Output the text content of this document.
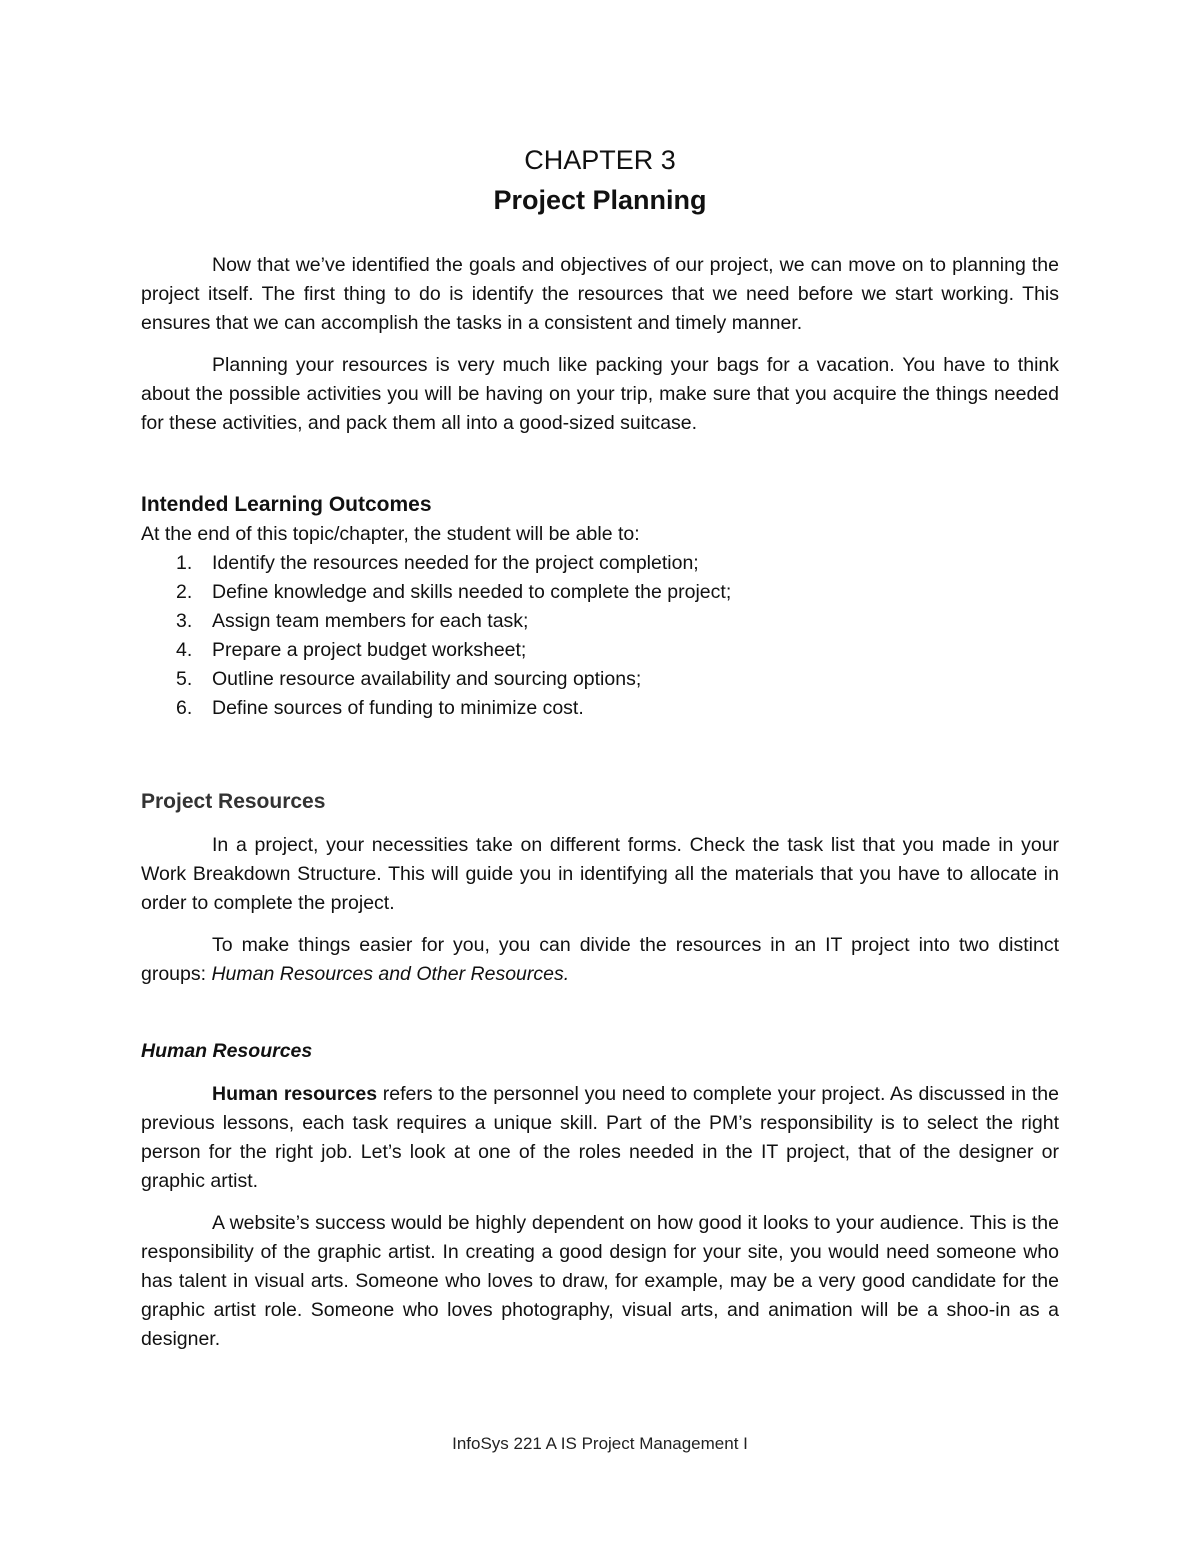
CHAPTER 3
Project Planning

Now that we’ve identified the goals and objectives of our project, we can move on to planning the project itself. The first thing to do is identify the resources that we need before we start working. This ensures that we can accomplish the tasks in a consistent and timely manner.

Planning your resources is very much like packing your bags for a vacation. You have to think about the possible activities you will be having on your trip, make sure that you acquire the things needed for these activities, and pack them all into a good-sized suitcase.

Intended Learning Outcomes

At the end of this topic/chapter, the student will be able to:

1.	Identify the resources needed for the project completion;
2.	Define knowledge and skills needed to complete the project;
3.	Assign team members for each task;
4.	Prepare a project budget worksheet;
5.	Outline resource availability and sourcing options;
6.	Define sources of funding to minimize cost.
Project Resources

In a project, your necessities take on different forms. Check the task list that you made in your Work Breakdown Structure. This will guide you in identifying all the materials that you have to allocate in order to complete the project.

To make things easier for you, you can divide the resources in an IT project into two distinct groups: Human Resources and Other Resources.

Human Resources

Human resources refers to the personnel you need to complete your project. As discussed in the previous lessons, each task requires a unique skill. Part of the PM’s responsibility is to select the right person for the right job. Let’s look at one of the roles needed in the IT project, that of the designer or graphic artist.

A website’s success would be highly dependent on how good it looks to your audience. This is the responsibility of the graphic artist. In creating a good design for your site, you would need someone who has talent in visual arts. Someone who loves to draw, for example, may be a very good candidate for the graphic artist role. Someone who loves photography, visual arts, and animation will be a shoo-in as a designer.

InfoSys 221 A IS Project Management I
